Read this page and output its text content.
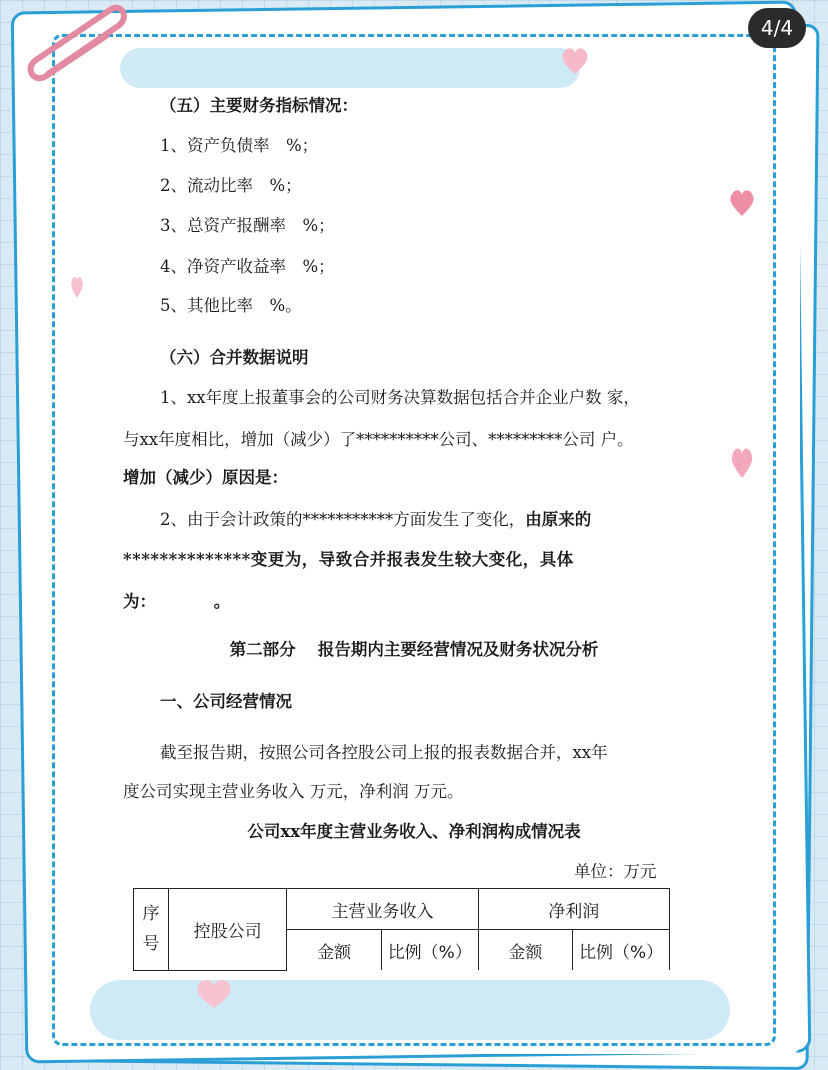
4/4
（五）主要财务指标情况：
1、资产负债率　%；
2、流动比率　%；
3、总资产报酬率　%；
4、净资产收益率　%；
5、其他比率　%。
（六）合并数据说明
1、xx年度上报董事会的公司财务决算数据包括合并企业户数 家，
与xx年度相比，增加（减少）了**********公司、*********公司 户。
增加（减少）原因是：
2、由于会计政策的***********方面发生了变化，由原来的
**************变更为，导致合并报表发生较大变化，具体
为：　　　　。
第二部分　 报告期内主要经营情况及财务状况分析
一、公司经营情况
截至报告期，按照公司各控股公司上报的报表数据合并，xx年
度公司实现主营业务收入 万元，净利润 万元。
公司xx年度主营业务收入、净利润构成情况表
单位：万元
序
号	控股公司	主营业务收入		净利润	
		金额	比例（%）	金额	比例（%）
